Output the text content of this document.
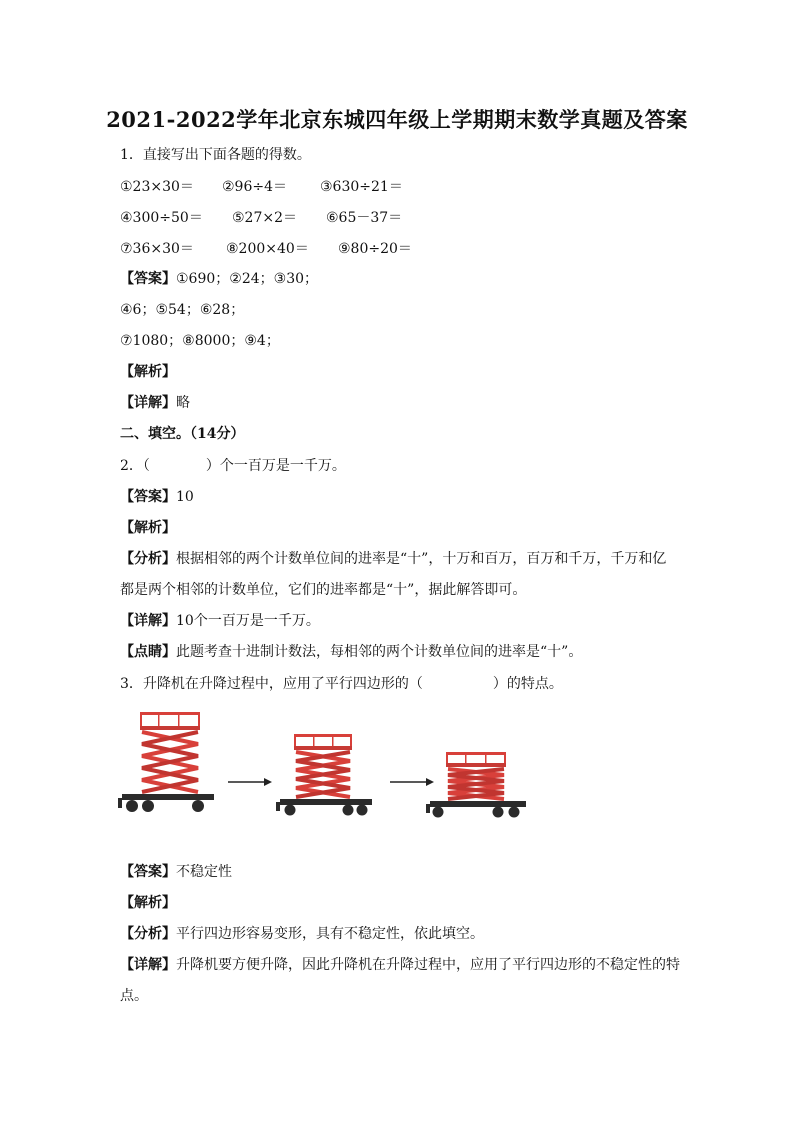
2021-2022学年北京东城四年级上学期期末数学真题及答案
1．直接写出下面各题的得数。
①23×30＝ ②96÷4＝ ③630÷21＝
④300÷50＝ ⑤27×2＝ ⑥65－37＝
⑦36×30＝ ⑧200×40＝ ⑨80÷20＝
【答案】①690；②24；③30；
④6；⑤54；⑥28；
⑦1080；⑧8000；⑨4；
【解析】
【详解】略
二、填空。（14分）
2．（　　　　）个一百万是一千万。
【答案】10
【解析】
【分析】根据相邻的两个计数单位间的进率是“十”，十万和百万，百万和千万，千万和亿
都是两个相邻的计数单位，它们的进率都是“十”，据此解答即可。
【详解】10个一百万是一千万。
【点睛】此题考查十进制计数法，每相邻的两个计数单位间的进率是“十”。
3．升降机在升降过程中，应用了平行四边形的（　　　　　）的特点。
【答案】不稳定性
【解析】
【分析】平行四边形容易变形，具有不稳定性，依此填空。
【详解】升降机要方便升降，因此升降机在升降过程中，应用了平行四边形的不稳定性的特
点。
